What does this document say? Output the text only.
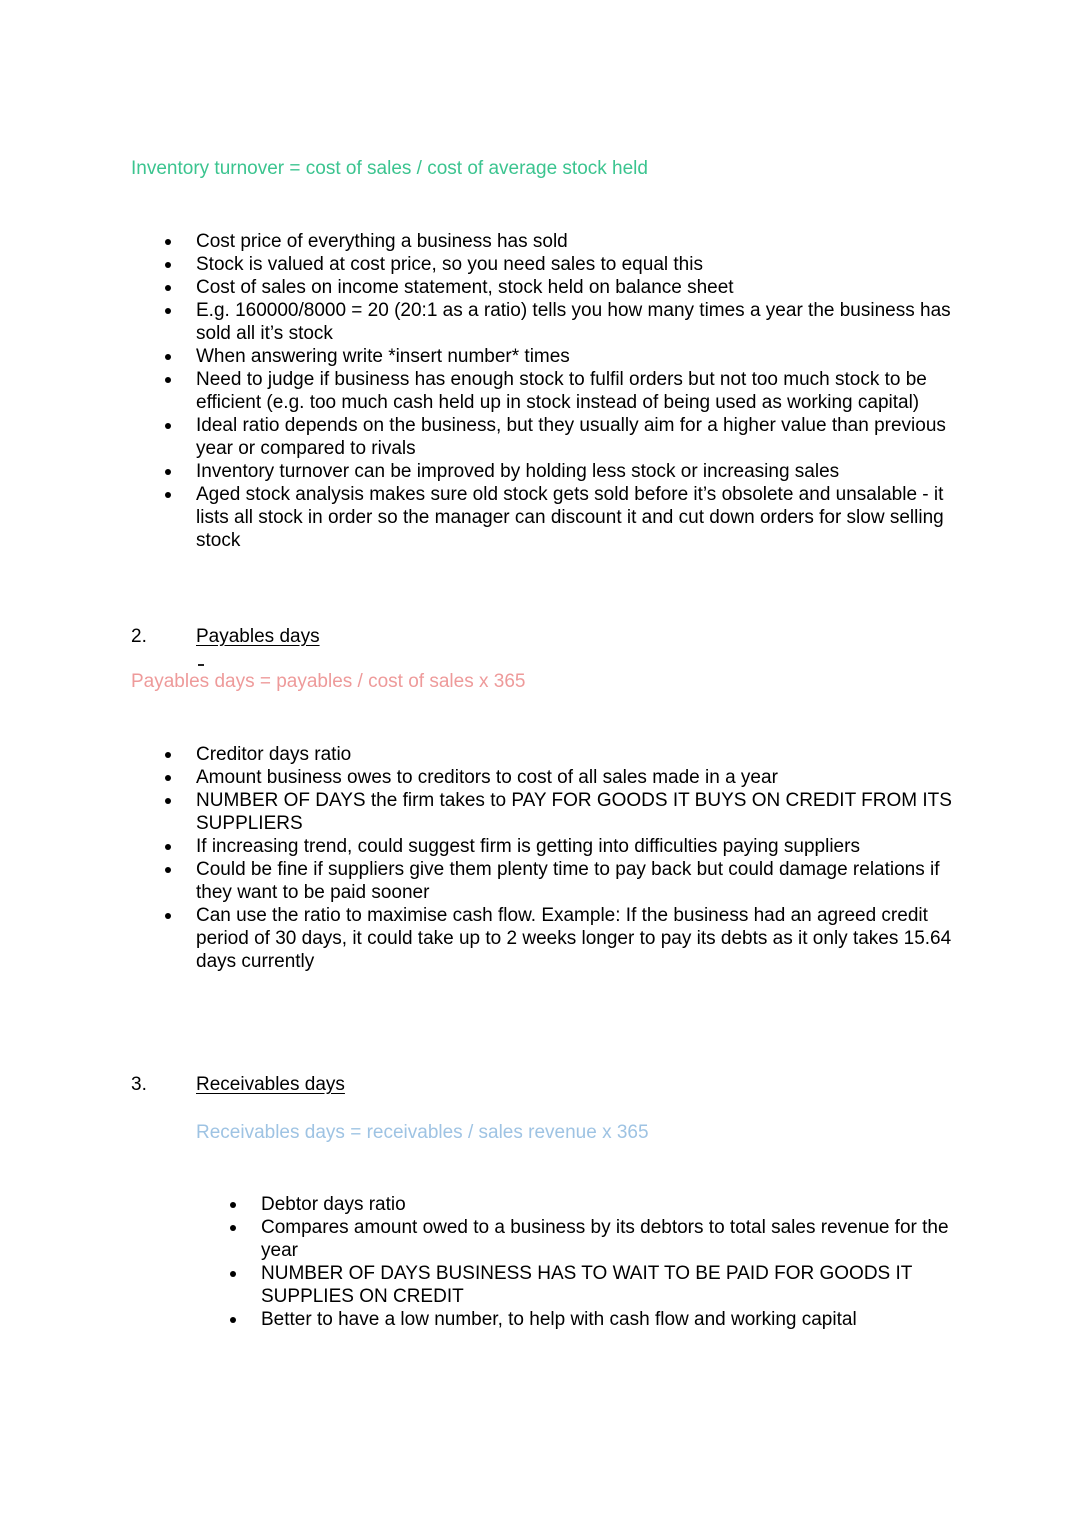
Inventory turnover = cost of sales / cost of average stock held

Cost price of everything a business has sold
Stock is valued at cost price, so you need sales to equal this
Cost of sales on income statement, stock held on balance sheet
E.g. 160000/8000 = 20 (20:1 as a ratio) tells you how many times a year the business has sold all it’s stock
When answering write *insert number* times
Need to judge if business has enough stock to fulfil orders but not too much stock to be efficient (e.g. too much cash held up in stock instead of being used as working capital)
Ideal ratio depends on the business, but they usually aim for a higher value than previous year or compared to rivals
Inventory turnover can be improved by holding less stock or increasing sales
Aged stock analysis makes sure old stock gets sold before it’s obsolete and unsalable - it lists all stock in order so the manager can discount it and cut down orders for slow selling stock
2.	Payables days

Payables days = payables / cost of sales x 365

Creditor days ratio
Amount business owes to creditors to cost of all sales made in a year
NUMBER OF DAYS the firm takes to PAY FOR GOODS IT BUYS ON CREDIT FROM ITS SUPPLIERS
If increasing trend, could suggest firm is getting into difficulties paying suppliers
Could be fine if suppliers give them plenty time to pay back but could damage relations if they want to be paid sooner
Can use the ratio to maximise cash flow. Example: If the business had an agreed credit period of 30 days, it could take up to 2 weeks longer to pay its debts as it only takes 15.64 days currently
3.	Receivables days

Receivables days = receivables / sales revenue x 365

Debtor days ratio
Compares amount owed to a business by its debtors to total sales revenue for the year
NUMBER OF DAYS BUSINESS HAS TO WAIT TO BE PAID FOR GOODS IT SUPPLIES ON CREDIT
Better to have a low number, to help with cash flow and working capital
